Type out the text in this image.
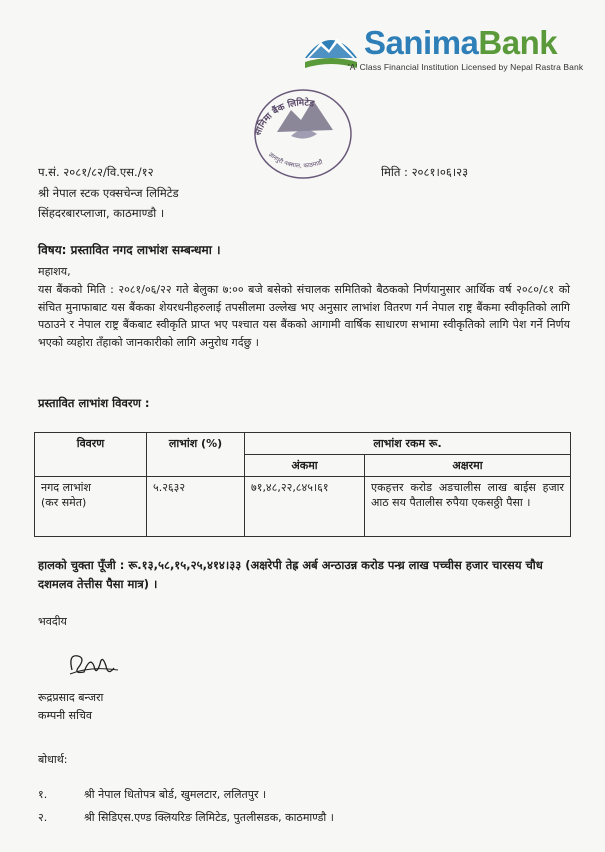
SanimaBank
'A' Class Financial Institution Licensed by Nepal Rastra Bank
सानिमा बैंक लिमिटेड
ज्ञानपुरी नक्साल, काठमाडौं
प.सं. २०८१/८२/वि.एस./१२	मिति : २०८१।०६।२३
श्री नेपाल स्टक एक्सचेन्ज लिमिटेड
सिंहदरबारप्लाजा, काठमाण्डौ ।
विषय: प्रस्तावित नगद लाभांश सम्बन्धमा ।
महाशय,
यस बैंकको मिति : २०८१/०६/२२ गते बेलुका ७:०० बजे बसेको संचालक समितिको बैठकको निर्णयानुसार आर्थिक वर्ष २०८०/८१ को संचित मुनाफाबाट यस बैंकका शेयरधनीहरुलाई तपसीलमा उल्लेख भए अनुसार लाभांश वितरण गर्न नेपाल राष्ट्र बैंकमा स्वीकृतिको लागि पठाउने र नेपाल राष्ट्र बैंकबाट स्वीकृति प्राप्त भए पश्चात यस बैंकको आगामी वार्षिक साधारण सभामा स्वीकृतिको लागि पेश गर्ने निर्णय भएको व्यहोरा तँहाको जानकारीको लागि अनुरोध गर्दछु ।
प्रस्तावित लाभांश विवरण :
विवरण	लाभांश (%)	लाभांश रकम रू.	
		अंकमा	अक्षरमा

नगद लाभांश
(कर समेत)	५.२६३२	७१,४८,२२,८४५।६१	एकहत्तर करोड अडचालीस लाख बाईस हजार आठ सय पैतालीस रुपैया एकसठ्ठी पैसा ।
हालको चुक्ता पूँजी : रू.१३,५८,१५,२५,४१४।३३ (अक्षरेपी तेह्र अर्ब अन्ठाउन्न करोड पन्ध्र लाख पच्चीस हजार चारसय चौध दशमलव तेत्तीस पैसा मात्र) ।
भवदीय
रूद्रप्रसाद बन्जरा
कम्पनी सचिव
बोधार्थ:
१.	श्री नेपाल धितोपत्र बोर्ड, खुमलटार, ललितपुर ।
२.	श्री सिडिएस.एण्ड क्लियरिङ लिमिटेड, पुतलीसडक, काठमाण्डौ ।
